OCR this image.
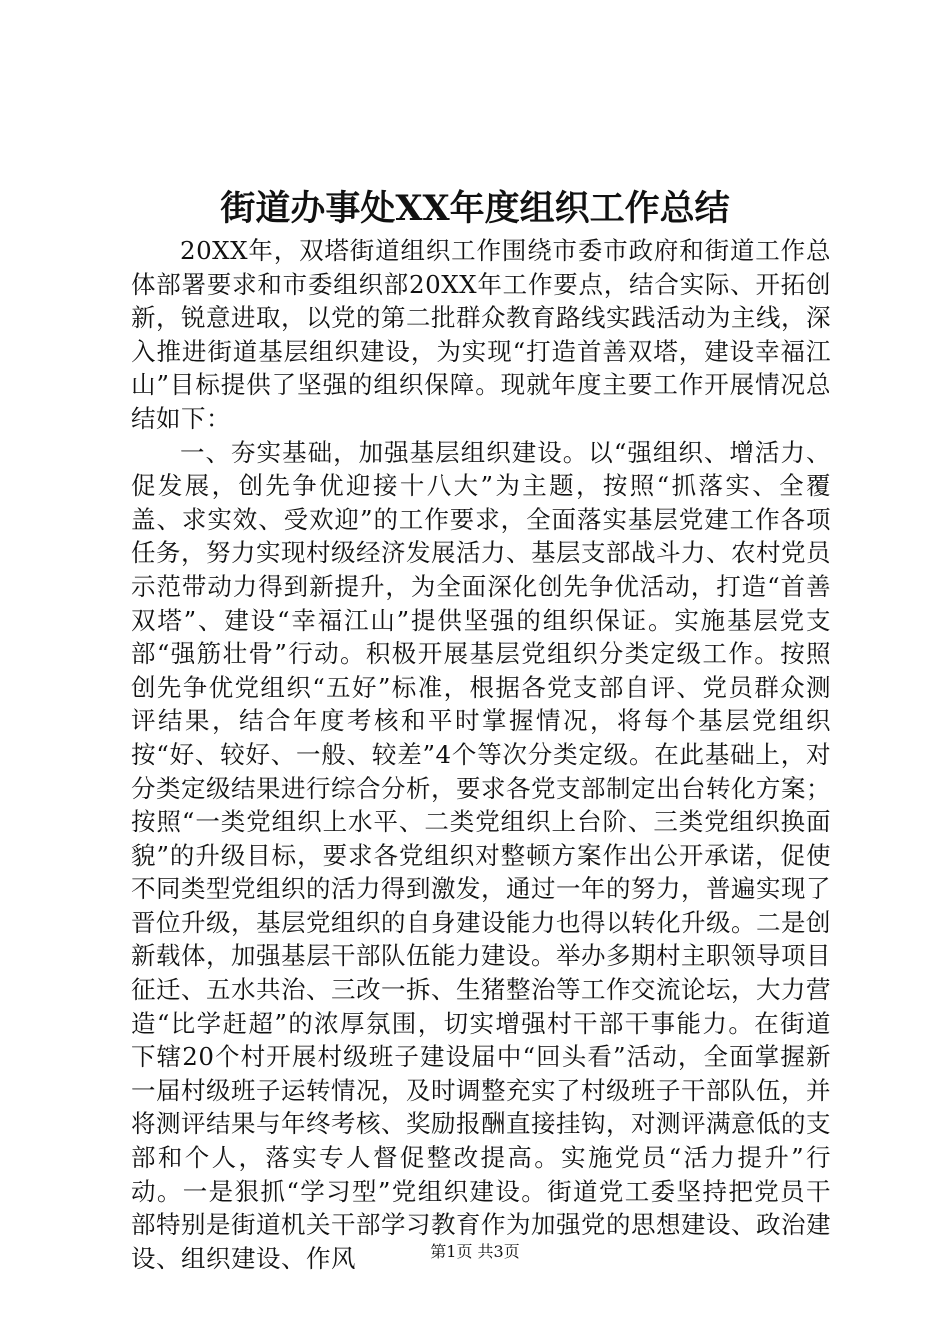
街道办事处XX年度组织工作总结

20XX年，双塔街道组织工作围绕市委市政府和街道工作总体部署要求和市委组织部20XX年工作要点，结合实际、开拓创新，锐意进取，以党的第二批群众教育路线实践活动为主线，深入推进街道基层组织建设，为实现“打造首善双塔，建设幸福江山”目标提供了坚强的组织保障。现就年度主要工作开展情况总结如下：

一、夯实基础，加强基层组织建设。以“强组织、增活力、促发展，创先争优迎接十八大”为主题，按照“抓落实、全覆盖、求实效、受欢迎”的工作要求，全面落实基层党建工作各项任务，努力实现村级经济发展活力、基层支部战斗力、农村党员示范带动力得到新提升，为全面深化创先争优活动，打造“首善双塔”、建设“幸福江山”提供坚强的组织保证。实施基层党支部“强筋壮骨”行动。积极开展基层党组织分类定级工作。按照创先争优党组织“五好”标准，根据各党支部自评、党员群众测评结果，结合年度考核和平时掌握情况，将每个基层党组织按“好、较好、一般、较差”4个等次分类定级。在此基础上，对分类定级结果进行综合分析，要求各党支部制定出台转化方案；按照“一类党组织上水平、二类党组织上台阶、三类党组织换面貌”的升级目标，要求各党组织对整顿方案作出公开承诺，促使不同类型党组织的活力得到激发，通过一年的努力，普遍实现了晋位升级，基层党组织的自身建设能力也得以转化升级。二是创新载体，加强基层干部队伍能力建设。举办多期村主职领导项目征迁、五水共治、三改一拆、生猪整治等工作交流论坛，大力营造“比学赶超”的浓厚氛围，切实增强村干部干事能力。在街道下辖20个村开展村级班子建设届中“回头看”活动，全面掌握新一届村级班子运转情况，及时调整充实了村级班子干部队伍，并将测评结果与年终考核、奖励报酬直接挂钩，对测评满意低的支部和个人，落实专人督促整改提高。实施党员“活力提升”行动。一是狠抓“学习型”党组织建设。街道党工委坚持把党员干部特别是街道机关干部学习教育作为加强党的思想建设、政治建设、组织建设、作风	第1页 共3页
